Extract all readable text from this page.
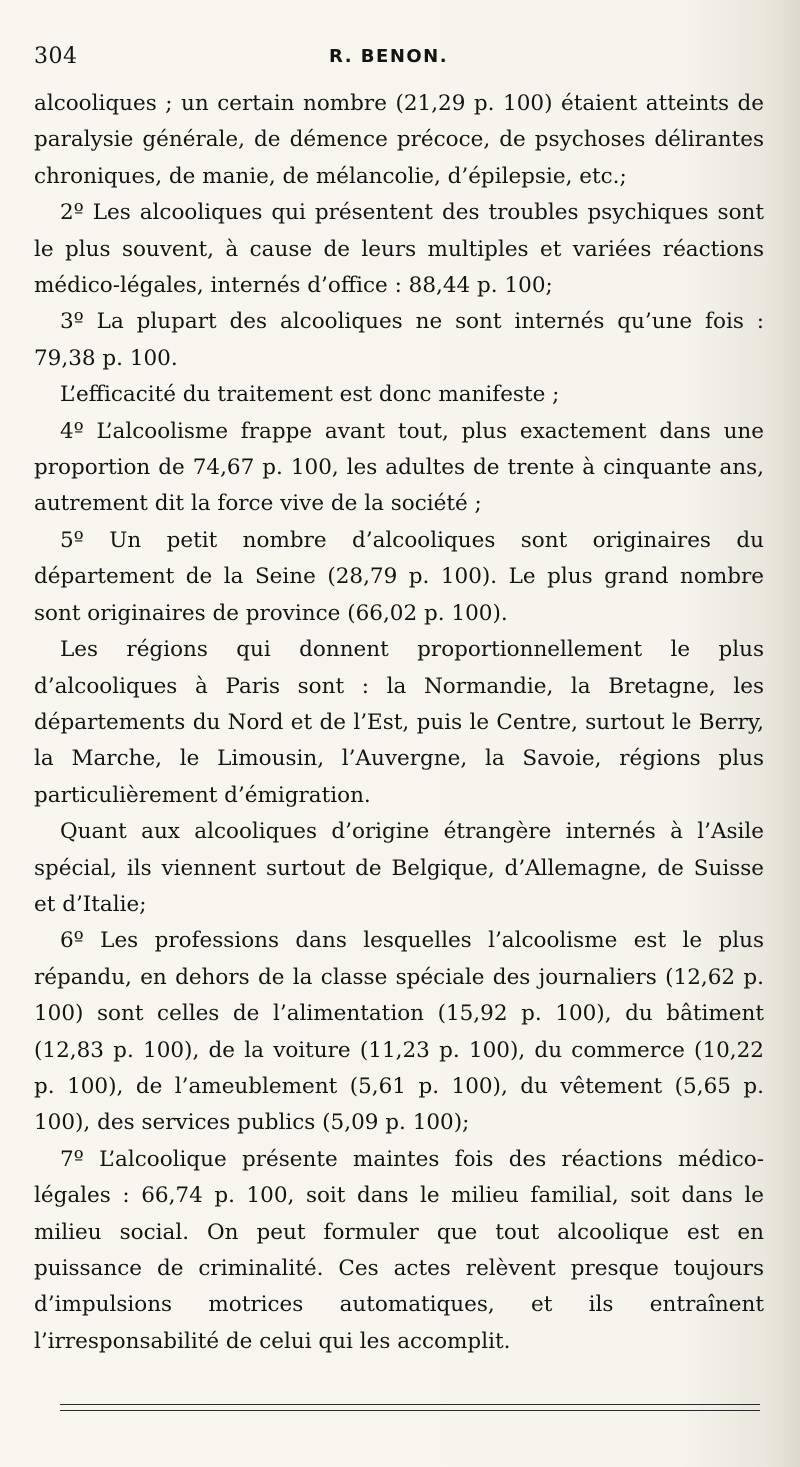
304	R. BENON.

alcooliques ; un certain nombre (21,29 p. 100) étaient atteints de paralysie générale, de démence précoce, de psychoses délirantes chroniques, de manie, de mélancolie, d’épilepsie, etc.;

2º Les alcooliques qui présentent des troubles psychiques sont le plus souvent, à cause de leurs multiples et variées réactions médico-légales, internés d’office : 88,44 p. 100;

3º La plupart des alcooliques ne sont internés qu’une fois : 79,38 p. 100.

L’efficacité du traitement est donc manifeste ;

4º L’alcoolisme frappe avant tout, plus exactement dans une proportion de 74,67 p. 100, les adultes de trente à cinquante ans, autrement dit la force vive de la société ;

5º Un petit nombre d’alcooliques sont originaires du département de la Seine (28,79 p. 100). Le plus grand nombre sont originaires de province (66,02 p. 100).

Les régions qui donnent proportionnellement le plus d’alcooliques à Paris sont : la Normandie, la Bretagne, les départements du Nord et de l’Est, puis le Centre, surtout le Berry, la Marche, le Limousin, l’Auvergne, la Savoie, régions plus particulièrement d’émigration.

Quant aux alcooliques d’origine étrangère internés à l’Asile spécial, ils viennent surtout de Belgique, d’Allemagne, de Suisse et d’Italie;

6º Les professions dans lesquelles l’alcoolisme est le plus répandu, en dehors de la classe spéciale des journaliers (12,62 p. 100) sont celles de l’alimentation (15,92 p. 100), du bâtiment (12,83 p. 100), de la voiture (11,23 p. 100), du commerce (10,22 p. 100), de l’ameublement (5,61 p. 100), du vêtement (5,65 p. 100), des services publics (5,09 p. 100);

7º L’alcoolique présente maintes fois des réactions médico-légales : 66,74 p. 100, soit dans le milieu familial, soit dans le milieu social. On peut formuler que tout alcoolique est en puissance de criminalité. Ces actes relèvent presque toujours d’impulsions motrices automatiques, et ils entraînent l’irresponsabilité de celui qui les accomplit.
